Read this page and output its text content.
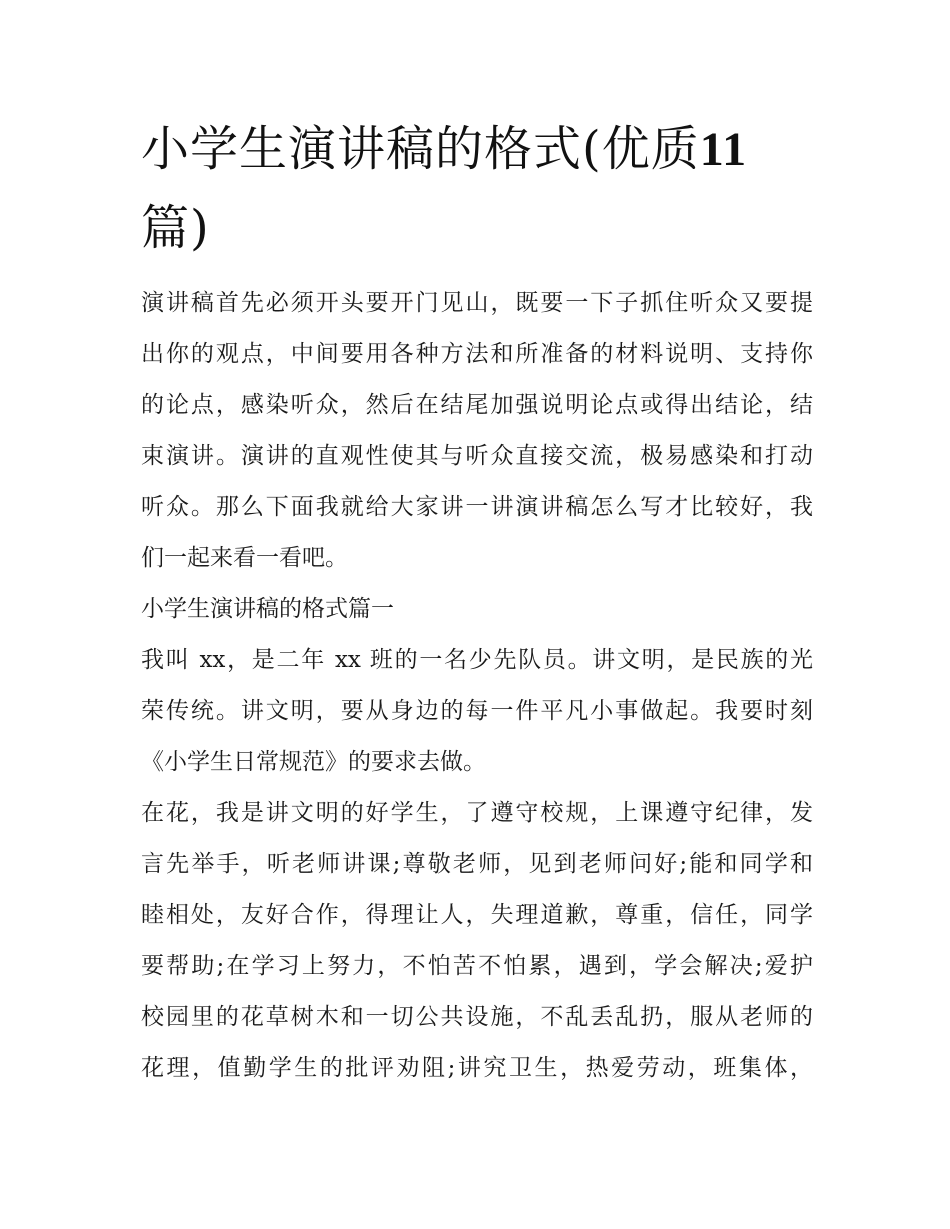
小学生演讲稿的格式(优质11
篇)
演讲稿首先必须开头要开门见山，既要一下子抓住听众又要提
出你的观点，中间要用各种方法和所准备的材料说明、支持你
的论点，感染听众，然后在结尾加强说明论点或得出结论，结
束演讲。演讲的直观性使其与听众直接交流，极易感染和打动
听众。那么下面我就给大家讲一讲演讲稿怎么写才比较好，我
们一起来看一看吧。
小学生演讲稿的格式篇一
我叫 xx，是二年 xx 班的一名少先队员。讲文明，是民族的光
荣传统。讲文明，要从身边的每一件平凡小事做起。我要时刻
《小学生日常规范》的要求去做。
在花，我是讲文明的好学生，了遵守校规，上课遵守纪律，发
言先举手，听老师讲课;尊敬老师，见到老师问好;能和同学和
睦相处，友好合作，得理让人，失理道歉，尊重，信任，同学
要帮助;在学习上努力，不怕苦不怕累，遇到，学会解决;爱护
校园里的花草树木和一切公共设施，不乱丢乱扔，服从老师的
花理，值勤学生的批评劝阻;讲究卫生，热爱劳动，班集体，
